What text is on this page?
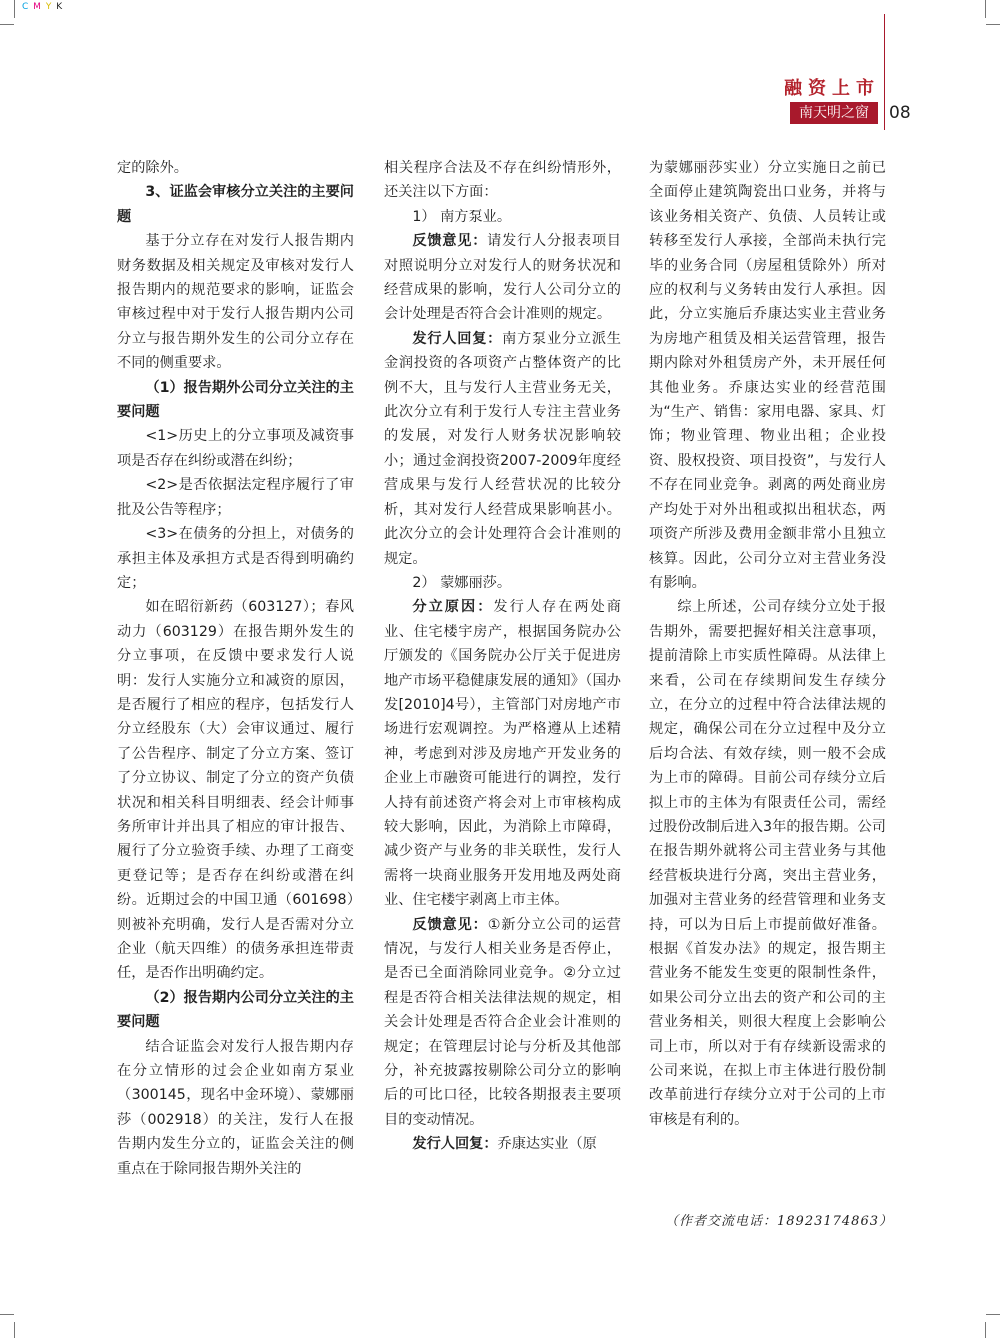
C M Y K
融资上市
南天明之窗	08

定的除外。

3、证监会审核分立关注的主要问题

基于分立存在对发行人报告期内财务数据及相关规定及审核对发行人报告期内的规范要求的影响，证监会审核过程中对于发行人报告期内公司分立与报告期外发生的公司分立存在不同的侧重要求。

（1）报告期外公司分立关注的主要问题

<1>历史上的分立事项及减资事项是否存在纠纷或潜在纠纷；

<2>是否依据法定程序履行了审批及公告等程序；

<3>在债务的分担上，对债务的承担主体及承担方式是否得到明确约定；

如在昭衍新药（603127）；春风动力（603129）在报告期外发生的分立事项，在反馈中要求发行人说明：发行人实施分立和减资的原因，是否履行了相应的程序，包括发行人分立经股东（大）会审议通过、履行了公告程序、制定了分立方案、签订了分立协议、制定了分立的资产负债状况和相关科目明细表、经会计师事务所审计并出具了相应的审计报告、履行了分立验资手续、办理了工商变更登记等；是否存在纠纷或潜在纠纷。近期过会的中国卫通（601698）则被补充明确，发行人是否需对分立企业（航天四维）的债务承担连带责任，是否作出明确约定。

（2）报告期内公司分立关注的主要问题

结合证监会对发行人报告期内存在分立情形的过会企业如南方泵业（300145，现名中金环境）、蒙娜丽莎（002918）的关注，发行人在报告期内发生分立的，证监会关注的侧重点在于除同报告期外关注的

相关程序合法及不存在纠纷情形外，还关注以下方面：

1） 南方泵业。

反馈意见：请发行人分报表项目对照说明分立对发行人的财务状况和经营成果的影响，发行人公司分立的会计处理是否符合会计准则的规定。

发行人回复：南方泵业分立派生金润投资的各项资产占整体资产的比例不大，且与发行人主营业务无关，此次分立有利于发行人专注主营业务的发展，对发行人财务状况影响较小；通过金润投资2007-2009年度经营成果与发行人经营状况的比较分析，其对发行人经营成果影响甚小。此次分立的会计处理符合会计准则的规定。

2） 蒙娜丽莎。

分立原因：发行人存在两处商业、住宅楼宇房产，根据国务院办公厅颁发的《国务院办公厅关于促进房地产市场平稳健康发展的通知》（国办发[2010]4号），主管部门对房地产市场进行宏观调控。为严格遵从上述精神，考虑到对涉及房地产开发业务的企业上市融资可能进行的调控，发行人持有前述资产将会对上市审核构成较大影响，因此，为消除上市障碍，减少资产与业务的非关联性，发行人需将一块商业服务开发用地及两处商业、住宅楼宇剥离上市主体。

反馈意见：①新分立公司的运营情况，与发行人相关业务是否停止，是否已全面消除同业竞争。②分立过程是否符合相关法律法规的规定，相关会计处理是否符合企业会计准则的规定；在管理层讨论与分析及其他部分，补充披露按剔除公司分立的影响后的可比口径，比较各期报表主要项目的变动情况。

发行人回复：乔康达实业（原

为蒙娜丽莎实业）分立实施日之前已全面停止建筑陶瓷出口业务，并将与该业务相关资产、负债、人员转让或转移至发行人承接，全部尚未执行完毕的业务合同（房屋租赁除外）所对应的权利与义务转由发行人承担。因此，分立实施后乔康达实业主营业务为房地产租赁及相关运营管理，报告期内除对外租赁房产外，未开展任何其他业务。乔康达实业的经营范围为“生产、销售：家用电器、家具、灯饰；物业管理、物业出租；企业投资、股权投资、项目投资”，与发行人不存在同业竞争。剥离的两处商业房产均处于对外出租或拟出租状态，两项资产所涉及费用金额非常小且独立核算。因此，公司分立对主营业务没有影响。

综上所述，公司存续分立处于报告期外，需要把握好相关注意事项，提前清除上市实质性障碍。从法律上来看，公司在存续期间发生存续分立，在分立的过程中符合法律法规的规定，确保公司在分立过程中及分立后均合法、有效存续，则一般不会成为上市的障碍。目前公司存续分立后拟上市的主体为有限责任公司，需经过股份改制后进入3年的报告期。公司在报告期外就将公司主营业务与其他经营板块进行分离，突出主营业务，加强对主营业务的经营管理和业务支持，可以为日后上市提前做好准备。根据《首发办法》的规定，报告期主营业务不能发生变更的限制性条件，如果公司分立出去的资产和公司的主营业务相关，则很大程度上会影响公司上市，所以对于有存续新设需求的公司来说，在拟上市主体进行股份制改革前进行存续分立对于公司的上市审核是有利的。

（作者交流电话：18923174863）
